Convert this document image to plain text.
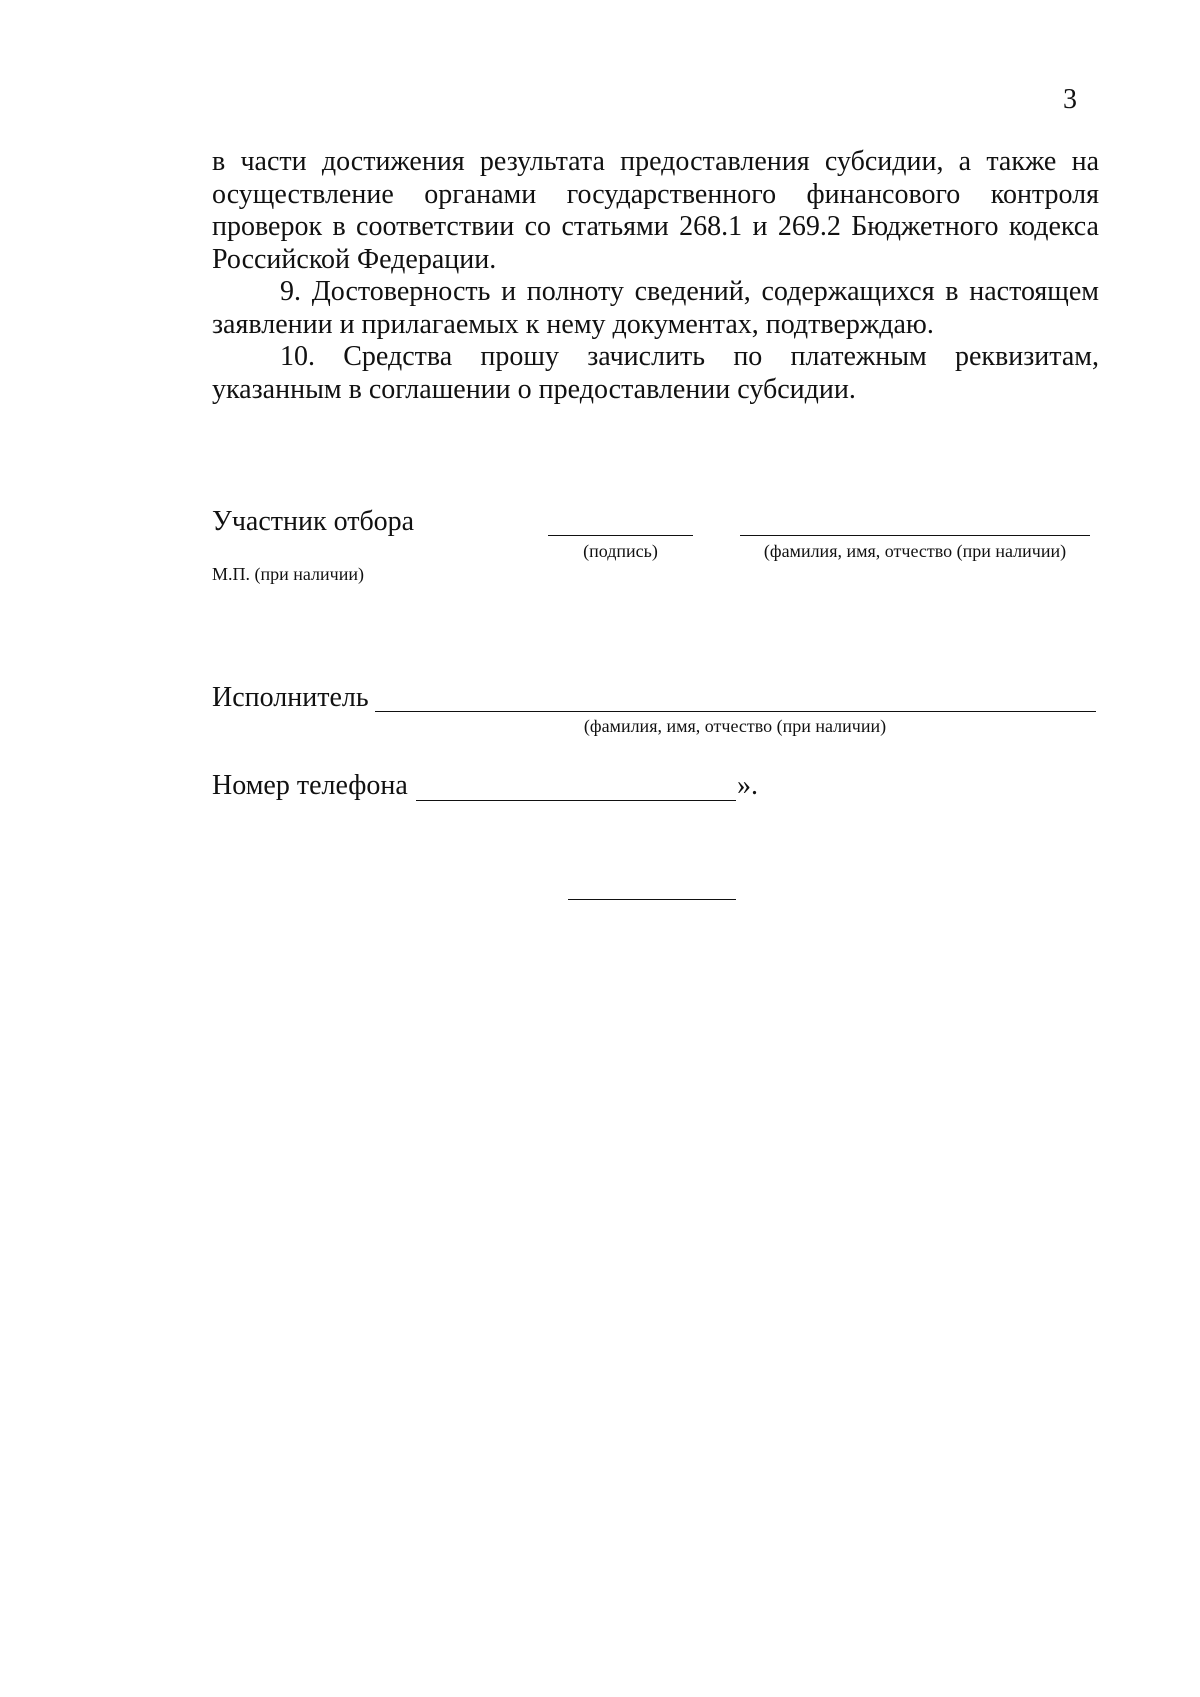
3

в части достижения результата предоставления субсидии, а также на осуществление органами государственного финансового контроля проверок в соответствии со статьями 268.1 и 269.2 Бюджетного кодекса Российской Федерации.

9. Достоверность и полноту сведений, содержащихся в настоящем заявлении и прилагаемых к нему документах, подтверждаю.

10. Средства прошу зачислить по платежным реквизитам, указанным в соглашении о предоставлении субсидии.

Участник отбора
(подпись)	(фамилия, имя, отчество (при наличии)
М.П. (при наличии)
Исполнитель
(фамилия, имя, отчество (при наличии)
Номер телефона	».
